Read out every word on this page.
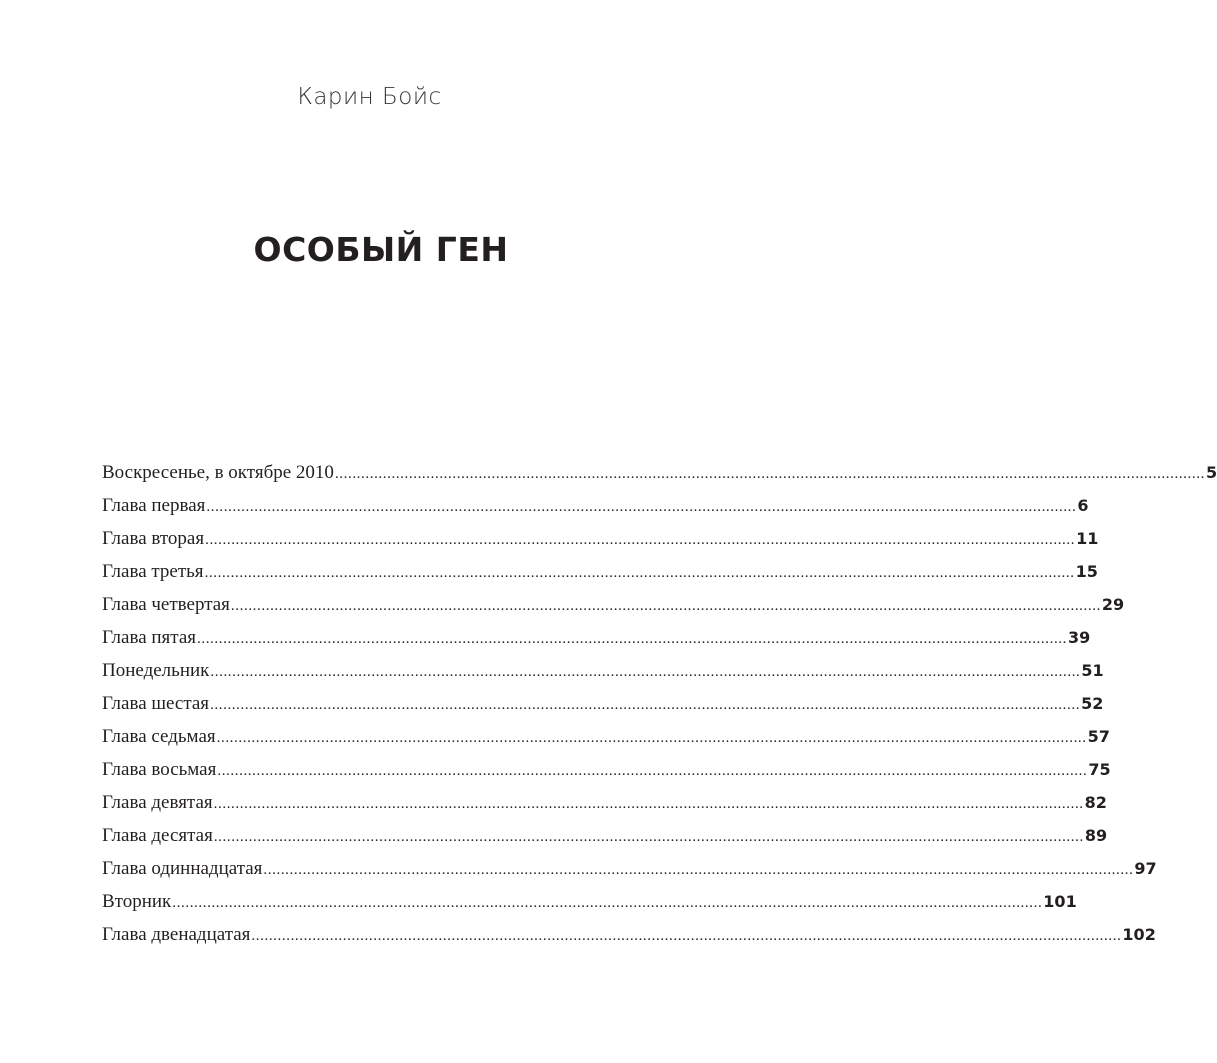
Карин Бойс
ОСОБЫЙ ГЕН
Воскресенье, в октябре 2010 ........................................................................................................................................................................................................ 5
Глава первая ........................................................................................................................................................................................................ 6
Глава вторая ........................................................................................................................................................................................................ 11
Глава третья ........................................................................................................................................................................................................ 15
Глава четвертая ........................................................................................................................................................................................................ 29
Глава пятая ........................................................................................................................................................................................................ 39
Понедельник ........................................................................................................................................................................................................ 51
Глава шестая ........................................................................................................................................................................................................ 52
Глава седьмая ........................................................................................................................................................................................................ 57
Глава восьмая ........................................................................................................................................................................................................ 75
Глава девятая ........................................................................................................................................................................................................ 82
Глава десятая ........................................................................................................................................................................................................ 89
Глава одиннадцатая ........................................................................................................................................................................................................ 97
Вторник ........................................................................................................................................................................................................ 101
Глава двенадцатая ........................................................................................................................................................................................................ 102
